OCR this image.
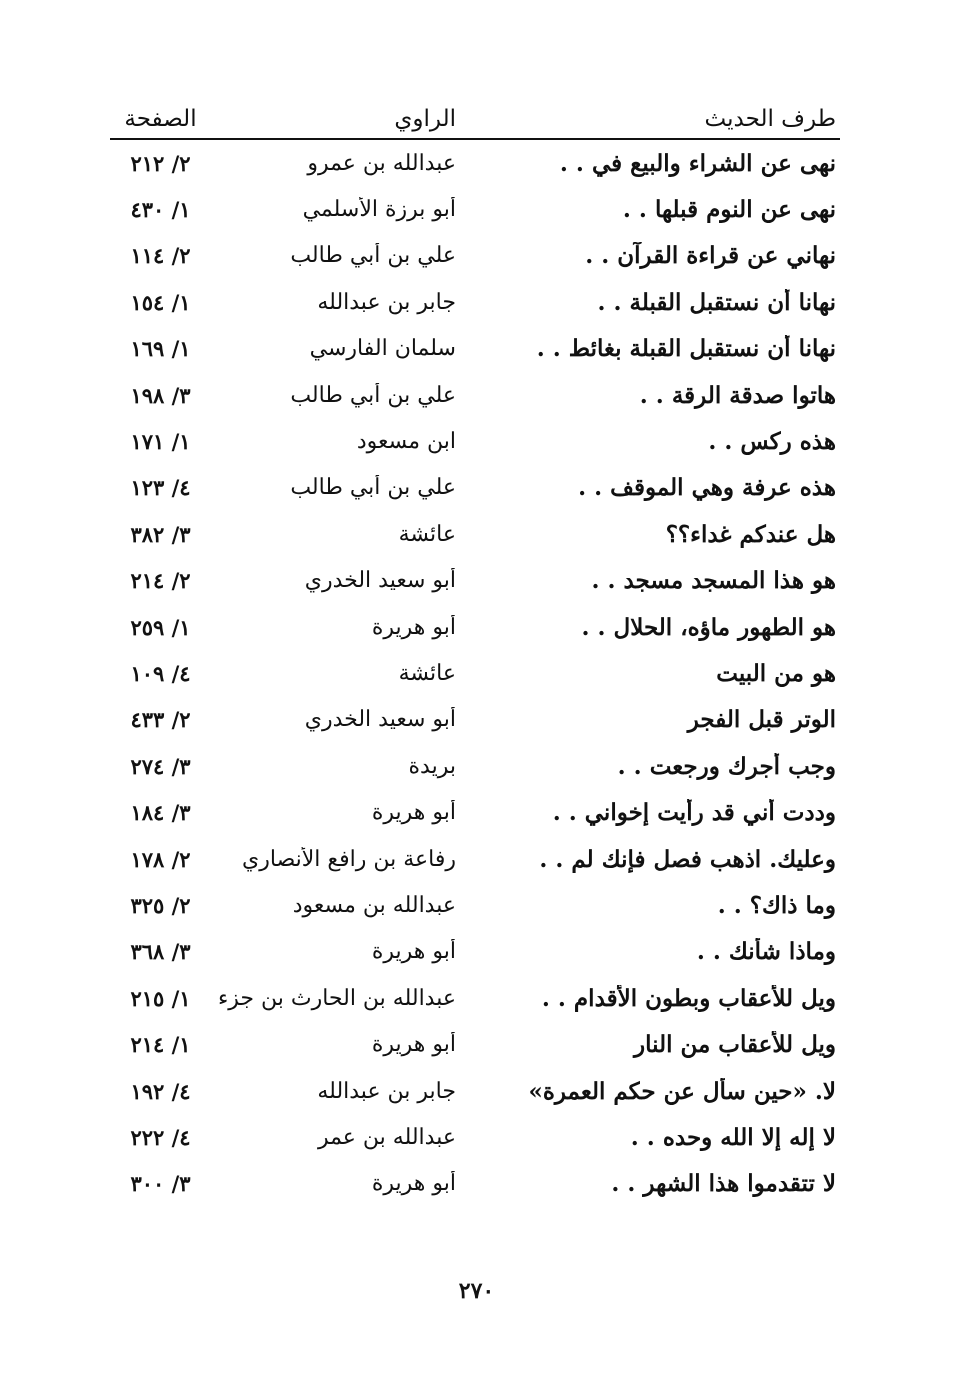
طرف الحديث
الراوي
الصفحة
نهى عن الشراء والبيع في . .
عبدالله بن عمرو
٢/ ٢١٢
نهى عن النوم قبلها . .
أبو برزة الأسلمي
١/ ٤٣٠
نهاني عن قراءة القرآن . .
علي بن أبي طالب
٢/ ١١٤
نهانا أن نستقبل القبلة . .
جابر بن عبدالله
١/ ١٥٤
نهانا أن نستقبل القبلة بغائط . .
سلمان الفارسي
١/ ١٦٩
هاتوا صدقة الرقة . .
علي بن أبي طالب
٣/ ١٩٨
هذه ركس . .
ابن مسعود
١/ ١٧١
هذه عرفة وهي الموقف . .
علي بن أبي طالب
٤/ ١٢٣
هل عندكم غداء؟؟
عائشة
٣/ ٣٨٢
هو هذا المسجد مسجد . .
أبو سعيد الخدري
٢/ ٢١٤
هو الطهور ماؤه، الحلال . .
أبو هريرة
١/ ٢٥٩
هو من البيت
عائشة
٤/ ١٠٩
الوتر قبل الفجر
أبو سعيد الخدري
٢/ ٤٣٣
وجب أجرك ورجعت . .
بريدة
٣/ ٢٧٤
وددت أني قد رأيت إخواني . .
أبو هريرة
٣/ ١٨٤
وعليك. اذهب فصل فإنك لم . .
رفاعة بن رافع الأنصاري
٢/ ١٧٨
وما ذاك؟ . .
عبدالله بن مسعود
٢/ ٣٢٥
وماذا شأنك . .
أبو هريرة
٣/ ٣٦٨
ويل للأعقاب وبطون الأقدام . .
عبدالله بن الحارث بن جزء
١/ ٢١٥
ويل للأعقاب من النار
أبو هريرة
١/ ٢١٤
لا. «حين سأل عن حكم العمرة»
جابر بن عبدالله
٤/ ١٩٢
لا إله إلا الله وحده . .
عبدالله بن عمر
٤/ ٢٢٢
لا تتقدموا هذا الشهر . .
أبو هريرة
٣/ ٣٠٠
٢٧٠
